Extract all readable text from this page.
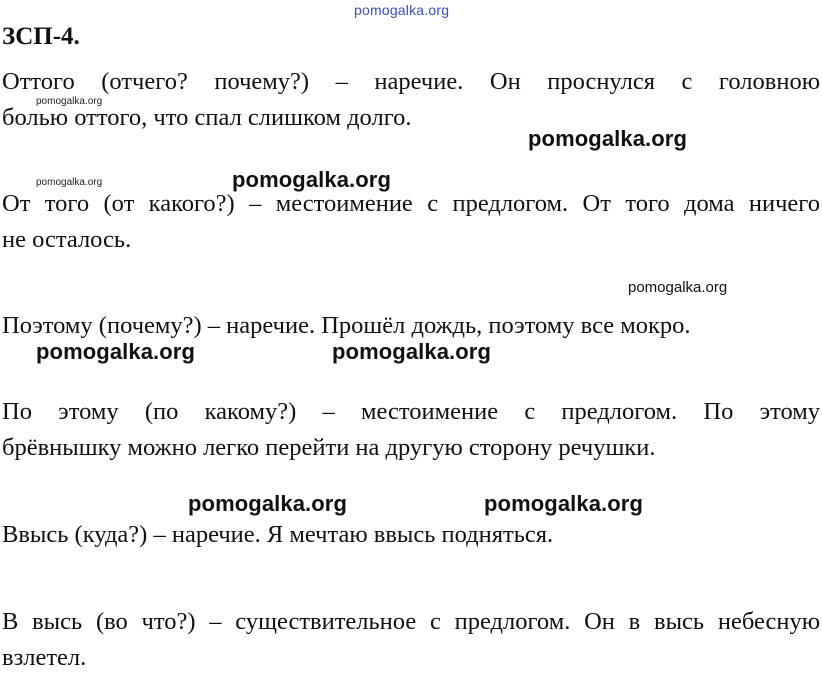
pomogalka.org
ЗСП-4.
Оттого (отчего? почему?) – наречие. Он проснулся с головною
болью оттого, что спал слишком долго.
От того (от какого?) – местоимение с предлогом. От того дома ничего
не осталось.
Поэтому (почему?) – наречие. Прошёл дождь, поэтому все мокро.
По этому (по какому?) – местоимение с предлогом. По этому
брёвнышку можно легко перейти на другую сторону речушки.
Ввысь (куда?) – наречие. Я мечтаю ввысь подняться.
В высь (во что?) – существительное с предлогом. Он в высь небесную
взлетел.
pomogalka.org
pomogalka.org
pomogalka.org
pomogalka.org
pomogalka.org	pomogalka.org
pomogalka.org	pomogalka.org
pomogalka.org
